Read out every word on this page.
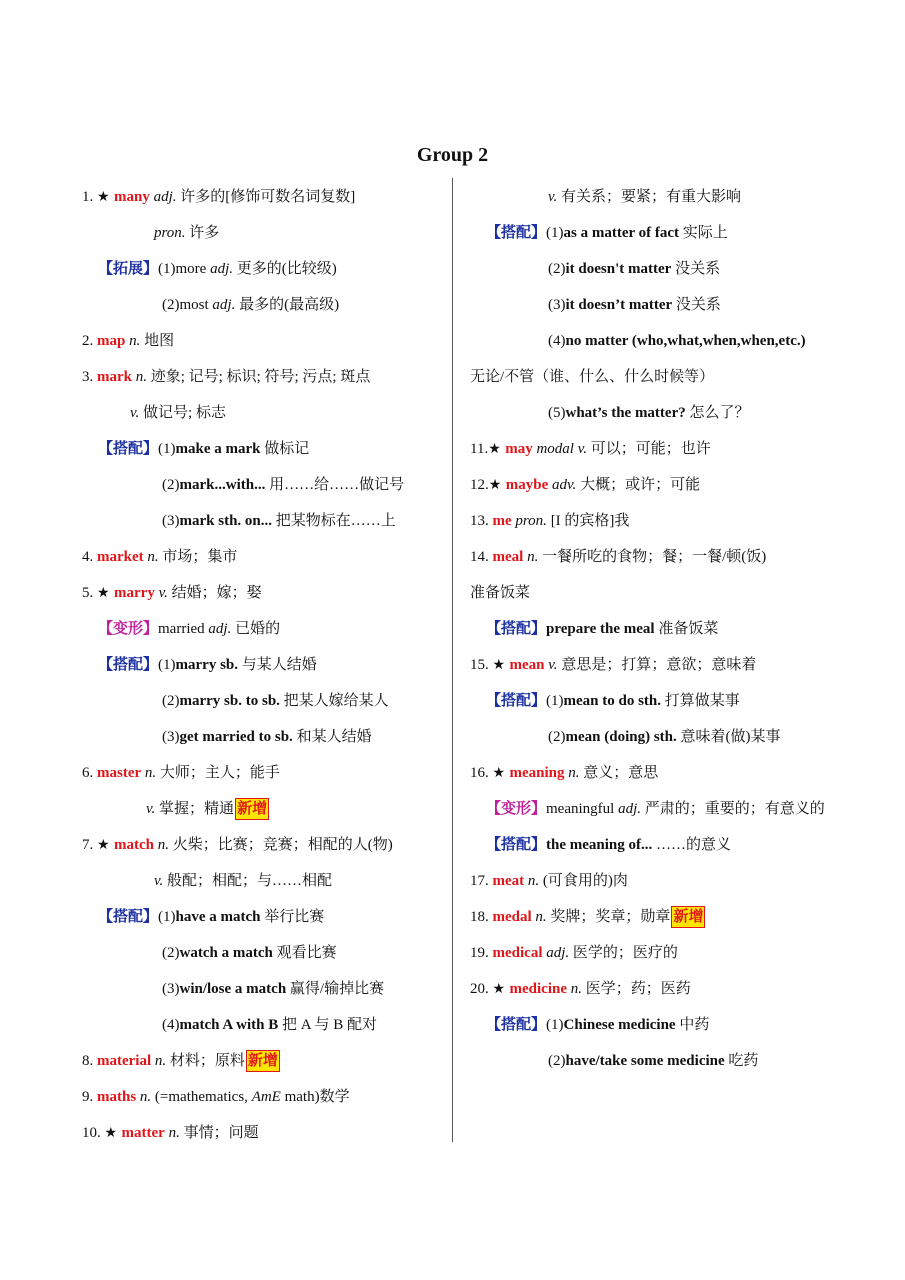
Group 2
1. ★ many adj. 许多的[修饰可数名词复数]
pron. 许多
【拓展】(1)more adj. 更多的(比较级)
(2)most adj. 最多的(最高级)
2. map n. 地图
3. mark n. 迹象; 记号; 标识; 符号; 污点; 斑点
v. 做记号; 标志
【搭配】(1)make a mark 做标记
(2)mark...with... 用……给……做记号
(3)mark sth. on... 把某物标在……上
4. market n. 市场；集市
5. ★ marry v. 结婚；嫁；娶
【变形】married adj. 已婚的
【搭配】(1)marry sb. 与某人结婚
(2)marry sb. to sb. 把某人嫁给某人
(3)get married to sb. 和某人结婚
6. master n. 大师；主人；能手
v. 掌握；精通 新增
7. ★ match n. 火柴；比赛；竞赛；相配的人(物)
v. 般配；相配；与……相配
【搭配】(1)have a match 举行比赛
(2)watch a match 观看比赛
(3)win/lose a match 赢得/输掉比赛
(4)match A with B 把 A 与 B 配对
8. material n. 材料；原料 新增
9. maths n. (=mathematics, AmE math)数学
10. ★ matter n. 事情；问题
v. 有关系；要紧；有重大影响
【搭配】(1)as a matter of fact 实际上
(2)it doesn't matter 没关系
(3)it doesn’t matter 没关系
(4)no matter (who,what,when,when,etc.)
无论/不管（谁、什么、什么时候等）
(5)what’s the matter? 怎么了？
11.★ may modal v. 可以；可能；也许
12.★ maybe adv. 大概；或许；可能
13. me pron. [I 的宾格]我
14. meal n. 一餐所吃的食物；餐；一餐/顿(饭)
准备饭菜
【搭配】prepare the meal 准备饭菜
15. ★ mean v. 意思是；打算；意欲；意味着
【搭配】(1)mean to do sth. 打算做某事
(2)mean (doing) sth. 意味着(做)某事
16. ★ meaning n. 意义；意思
【变形】meaningful adj. 严肃的；重要的；有意义的
【搭配】the meaning of... ……的意义
17. meat n. (可食用的)肉
18. medal n. 奖牌；奖章；勋章 新增
19. medical adj. 医学的；医疗的
20. ★ medicine n. 医学；药；医药
【搭配】(1)Chinese medicine 中药
(2)have/take some medicine 吃药
